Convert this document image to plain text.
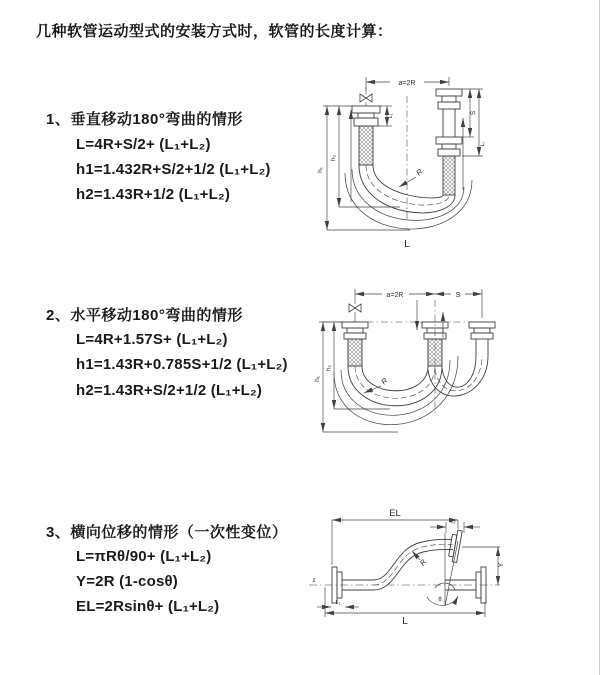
几种软管运动型式的安装方式时，软管的长度计算：
1、垂直移动180°弯曲的情形
L=4R+S/2+ (L₁+L₂)
h1=1.432R+S/2+1/2 (L₁+L₂)
h2=1.43R+1/2 (L₁+L₂)
2、水平移动180°弯曲的情形
L=4R+1.57S+ (L₁+L₂)
h1=1.43R+0.785S+1/2 (L₁+L₂)
h2=1.43R+S/2+1/2 (L₁+L₂)
3、横向位移的情形（一次性变位）
L=πRθ/90+ (L₁+L₂)
Y=2R (1-cosθ)
EL=2Rsinθ+ (L₁+L₂)
a=2R
h₁
h₂
L₁
S
L₂
R
L
a=2R	S
h₁
h₂
R
EL
L₂
Y
R
θ
z
L₁
L
